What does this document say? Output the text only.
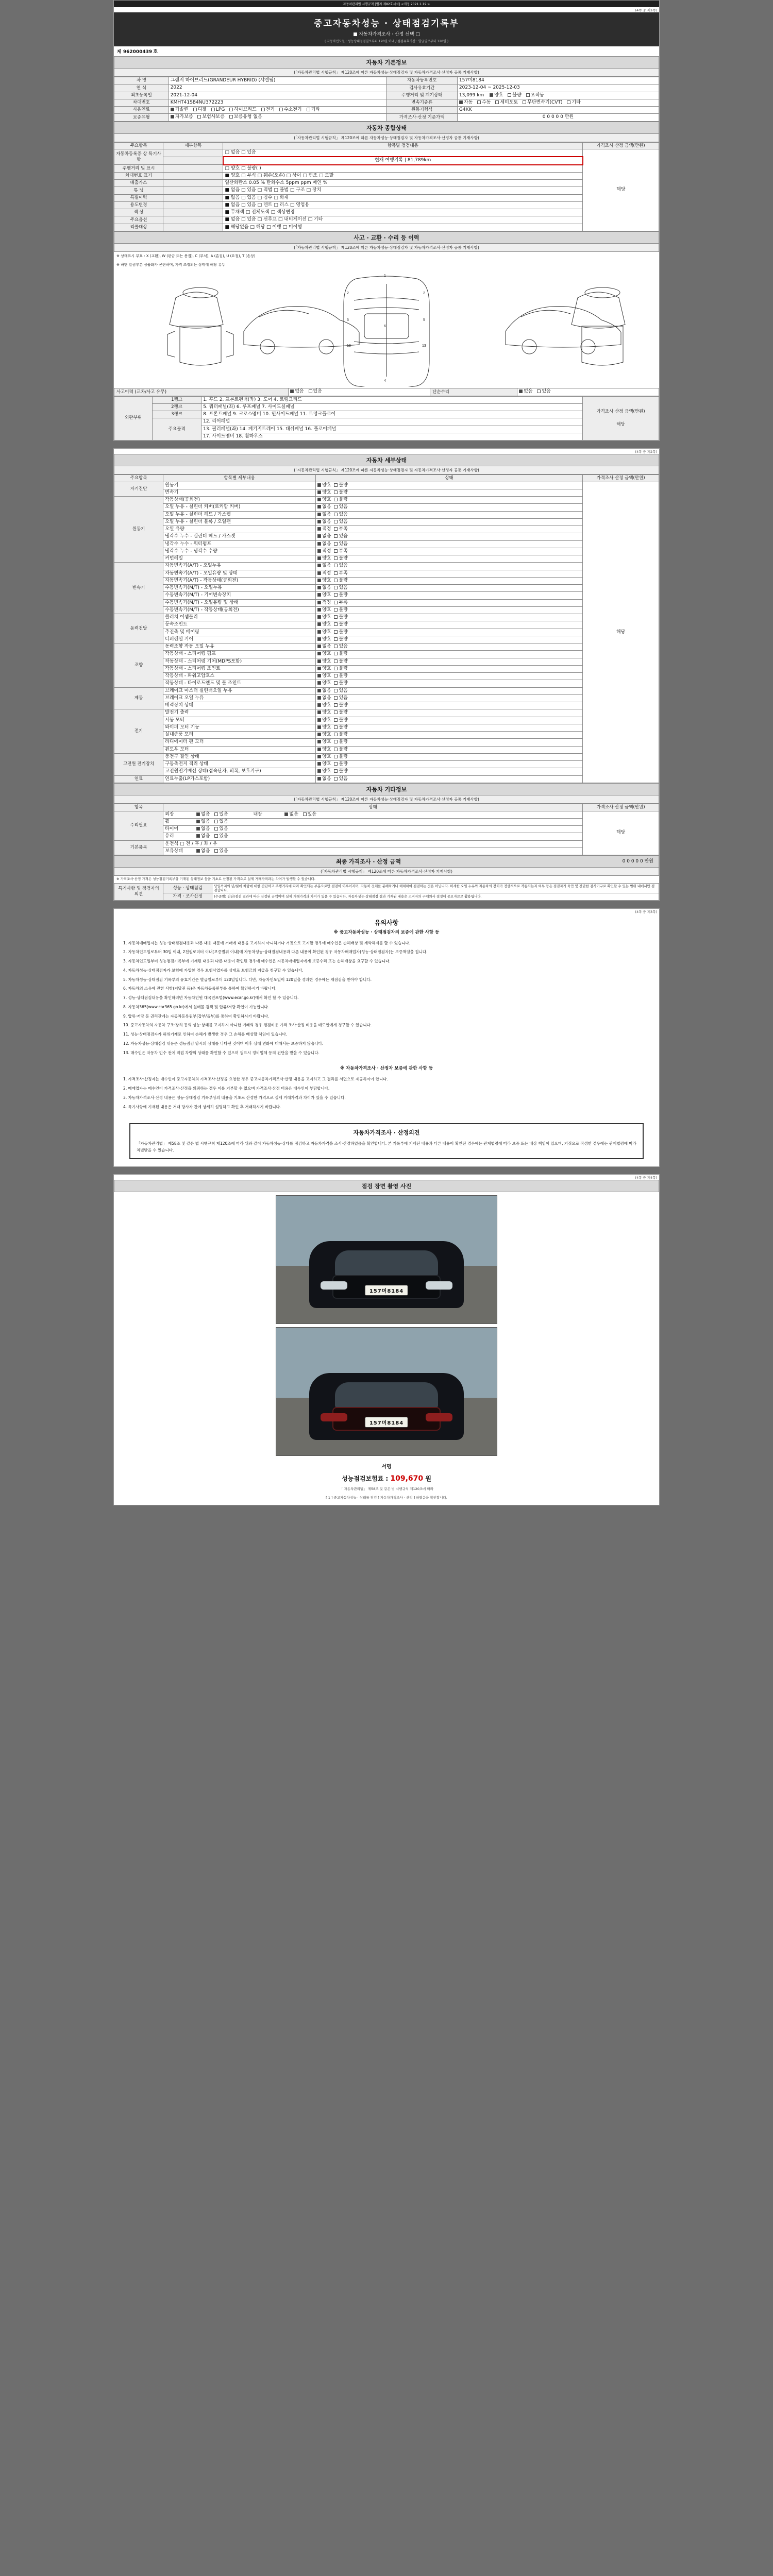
자동차관리법 시행규칙 [별지 제82호서식] <개정 2021.1.19.>
(4쪽 중 제1쪽)
중고자동차성능 · 상태점검기록부
■ 자동차가격조사 · 산정 선택 □
( 자동차인도일 : 성능상태점검일로부터 120일 이내 / 점검유효기간 : 발급일로부터 120일 )
제 962000439 호
자동차 기본정보
(「자동차관리법 시행규칙」 제120조에 따른 자동차성능·상태점검자 및 자동차가격조사·산정자 공통 기재사항)
차 명	그랜저 하이브리드(GRANDEUR HYBRID) (샤캘팀)	자동차등록번호	157머8184
연 식	2022	검사유효기간	2023-12-04 ~ 2025-12-03
최초등록일	2021-12-04	주행거리 및 계기상태	13,099 km 양호 불량 오작동
차대번호	KMHT41SB4NU372223	변속기종류	자동 수동 세미오토 무단변속기(CVT) 기타
사용연료	가솔린 디젤 LPG 하이브리드 전기 수소전기 기타	원동기형식	G4KK
보증유형	자가보증 보험사보증 보증유형 없음	가격조사·산정 기준가액	0 0 0 0 0 만원
자동차 종합상태
(「자동차관리법 시행규칙」 제120조에 따른 자동차성능·상태점검자 및 자동차가격조사·산정자 공통 기재사항)
주요항목	세부항목	항목별 점검내용	가격조사·산정 금액(만원)
자동차등록증 상 특기사항		□ 없음 □ 있음	해당
		현재 여행기록 | 81,789km	
주행거리 및 표시		□ 양호 □ 불량( )	
차대번호 표기		■ 양호 □ 부식 □ 훼손(오손) □ 상이 □ 변조 □ 도말	
배출가스		일산화탄소 0.05 % 탄화수소 5ppm ppm 매연 %	
튜 닝		■ 없음 □ 있음 □ 적법 □ 불법 □ 구조 □ 장치	
특별이력		■ 없음 □ 있음 □ 침수 □ 화재	
용도변경		■ 없음 □ 있음 □ 렌트 □ 리스 □ 영업용	
색 상		■ 무채색 □ 전체도색 □ 색상변경	
주요옵션		■ 없음 □ 있음 □ 선루프 □ 내비게이션 □ 기타	
리콜대상		■ 해당없음 □ 해당 □ 이행 □ 미이행	
사고 · 교환 · 수리 등 이력
(「자동차관리법 시행규칙」 제120조에 따른 자동차성능·상태점검자 및 자동차가격조사·산정자 공통 기재사항)
※ 상태표시 부호 : X (교환), W (판금 또는 용접), C (부식), A (흠집), U (요철), T (손상)
※ 하단 알림부분 상품화가 곤란하며, 가격 조정되는 상태에 해당 유무
2	2
5	5
13	13
1
4
6
사고이력 (교차/사고 유무)	없음 있음	단순수리	없음 있음
외판부위	1랭크	1. 후드 2. 프론트펜더(좌) 3. 도어 4. 트렁크리드	가격조사·산정 금액(만원)
해당

	2랭크	5. 쿼터패널(좌) 6. 루프패널 7. 사이드실패널	
	3랭크	8. 프론트패널 9. 크로스멤버 10. 인사이드패널 11. 트렁크플로어	
	주요골격	12. 리어패널	
		13. 필러패널(좌) 14. 패키지트레이 15. 대쉬패널 16. 플로어패널	
		17. 사이드멤버 18. 휠하우스	
(4쪽 중 제2쪽)
자동차 세부상태
(「자동차관리법 시행규칙」 제120조에 따른 자동차성능·상태점검자 및 자동차가격조사·산정자 공통 기재사항)
주요항목	항목별 세부내용	상태	가격조사·산정 금액(만원)
자기진단	원동기	양호 불량	해당
	변속기	양호 불량	
원동기	작동상태(공회전)	양호 불량	
	오일 누유 - 실린더 커버(로커암 커버)	없음 있음	
	오일 누유 - 실린더 헤드 / 가스켓	없음 있음	
	오일 누유 - 실린더 블록 / 오일팬	없음 있음	
	오일 유량	적정 부족	
	냉각수 누수 - 실린더 헤드 / 가스켓	없음 있음	
	냉각수 누수 - 워터펌프	없음 있음	
	냉각수 누수 - 냉각수 수량	적정 부족	
	커먼레일	양호 불량	
변속기	자동변속기(A/T) - 오일누유	없음 있음	
	자동변속기(A/T) - 오일유량 및 상태	적정 부족	
	자동변속기(A/T) - 작동상태(공회전)	양호 불량	
	수동변속기(M/T) - 오일누유	없음 있음	
	수동변속기(M/T) - 기어변속장치	양호 불량	
	수동변속기(M/T) - 오일유량 및 상태	적정 부족	
	수동변속기(M/T) - 작동상태(공회전)	양호 불량	
동력전달	클러치 어셈블리	양호 불량	
	등속조인트	양호 불량	
	추진축 및 베어링	양호 불량	
	디퍼렌셜 기어	양호 불량	
조향	동력조향 작동 오일 누유	없음 있음	
	작동상태 - 스티어링 펌프	양호 불량	
	작동상태 - 스티어링 기어(MDPS포함)	양호 불량	
	작동상태 - 스티어링 조인트	양호 불량	
	작동상태 - 파워고압호스	양호 불량	
	작동상태 - 타이로드엔드 및 볼 조인트	양호 불량	
제동	브레이크 마스터 실린더오일 누유	없음 있음	
	브레이크 오일 누유	없음 있음	
	배력장치 상태	양호 불량	
전기	발전기 출력	양호 불량	
	시동 모터	양호 불량	
	와이퍼 모터 기능	양호 불량	
	실내송풍 모터	양호 불량	
	라디에이터 팬 모터	양호 불량	
	윈도우 모터	양호 불량	
고전원 전기장치	충전구 절연 상태	양호 불량	
	구동축전지 격리 상태	양호 불량	
	고전원전기배선 상태(접속단자, 피복, 보호기구)	양호 불량	
연료	연료누출(LP가스포함)	없음 있음	
자동차 기타정보
(「자동차관리법 시행규칙」 제120조에 따른 자동차성능·상태점검자 및 자동차가격조사·산정자 공통 기재사항)
항목	상태	가격조사·산정 금액(만원)
수리필요	외장 없음 있음 내장 없음 있음	해당
	휠 없음 있음	
	타이어 없음 있음	
	유리 없음 있음	
기본품목	운전석 □ 전 / 후 / 좌 / 우	
	보유상태 없음 있음	
최종 가격조사 · 산정 금액	0 0 0 0 0 만원
(「자동차관리법 시행규칙」 제120조에 따른 자동차가격조사·산정자 기재사항)
※ 가격조사·산정 가격은 성능점검기록부상 기재된 상태정보 등을 기초로 산정된 가격으로 실제 거래가격과는 차이가 발생할 수 있습니다.
특기사항 및 점검자의 의견	성능 · 상태점검	당일까지의 년/월에 차량에 대한 간단하고 주행거리에 따라 확인되는 부분으로만 점검이 이루어지며, 자동차 전체를 분해하거나 해체하여 점검하는 것은 아닙니다. 미세한 오일 누유와 자동차의 장치가 정상적으로 작동되는지 여부 등은 점검자가 육안 및 간단한 검사기구로 확인할 수 있는 범위 내에서만 점검합니다.
	가격 · 조사산정	(수준별) 진단/점검 결과에 따라 산정된 금액이며 실제 거래가격과 차이가 있을 수 있습니다. 자동차성능·상태점검 결과 기재된 내용은 소비자의 구매의사 결정에 중요자료로 활용됩니다.
(4쪽 중 제3쪽)
유의사항
※ 중고자동차성능 · 상태점검자의 보증에 관한 사항 등

1. 자동차매매업자는 성능·상태점검내용과 다른 내용 때문에 거래에 내용을 고지하지 아니하거나 거짓으로 고지할 경우에 매수인은 손해배상 및 계약해제를 할 수 있습니다.

2. 자동차인도일로부터 30일 이내, 2천킬로미터 이내(보증범위 이내)에 자동차성능·상태점검내용과 다른 내용이 확인된 경우 자동차매매업자(성능·상태점검자)는 보증책임을 집니다.

3. 자동차인도일부터 성능점검기록부에 기재된 내용과 다른 내용이 확인된 경우에 매수인은 자동차매매업자에게 보증수리 또는 손해배상을 요구할 수 있습니다.

4. 자동차성능·상태점검자가 보험에 가입한 경우 보험사업자를 상대로 보험금의 지급을 청구할 수 있습니다.

5. 자동차성능·상태점검 기록부의 유효기간은 발급일로부터 120일입니다. 다만, 자동차인도일이 120일을 경과한 경우에는 재점검을 받아야 합니다.

6. 자동차의 소유에 관한 사항(저당권 등)은 자동차등록원부를 통하여 확인하시기 바랍니다.

7. 성능·상태점검내용을 확인하려면 자동차민원 대국민포털(www.ecar.go.kr)에서 확인 할 수 있습니다.

8. 자동차365(www.car365.go.kr)에서 실매물 검색 및 압류/저당 확인이 가능합니다.

9. 압류·저당 등 권리관계는 자동차등록원부(갑부/을부)를 통하여 확인하시기 바랍니다.

10. 중고자동차의 자동차 구조·장치 등의 성능·상태를 고지하지 아니한 거래의 경우 점검비용 가격 조사·산정 비용을 매도인에게 청구할 수 있습니다.

11. 성능·상태점검자가 허위기재로 인하여 손해가 발생한 경우 그 손해를 배상할 책임이 있습니다.

12. 자동차성능·상태점검 내용은 성능점검 당시의 상태를 나타낸 것이며 이후 상태 변화에 대해서는 보증하지 않습니다.

13. 매수인은 자동차 인수 전에 직접 차량의 상태를 확인할 수 있으며 필요시 정비업체 등의 진단을 받을 수 있습니다.

※ 자동차가격조사 · 산정자 보증에 관한 사항 등

1. 가격조사·산정자는 매수인이 중고자동차의 가격조사·산정을 요청한 경우 중고자동차가격조사·산정 내용을 고지하고 그 결과를 서면으로 제공하여야 합니다.

2. 매매업자는 매수인이 가격조사·산정을 의뢰하는 경우 이를 거부할 수 없으며 가격조사·산정 비용은 매수인이 부담합니다.

3. 자동차가격조사·산정 내용은 성능·상태점검 기록부상의 내용을 기초로 산정한 가격으로 실제 거래가격과 차이가 있을 수 있습니다.

4. 특기사항에 기재된 내용은 거래 당사자 간에 상세히 설명하고 확인 후 거래하시기 바랍니다.

자동차가격조사 · 산정의견
「자동차관리법」 제58조 및 같은 법 시행규칙 제120조에 따라 위와 같이 자동차성능·상태를 점검하고 자동차가격을 조사·산정하였음을 확인합니다. 본 기록부에 기재된 내용과 다른 내용이 확인된 경우에는 관계법령에 따라 보증 또는 배상 책임이 있으며, 거짓으로 작성한 경우에는 관계법령에 따라 처벌받을 수 있습니다.
(4쪽 중 제4쪽)
점검 장면 촬영 사진
157머8184
157머8184
서명
성능점검보험료 : 109,670 원
「 자동차관리법」 제58조 및 같은 법 시행규칙 제120조에 따라
[ 1 ] 중고자동차성능 · 상태를 점검 [ 자동차가격조사 · 산정 ] 하였음을 확인합니다.
